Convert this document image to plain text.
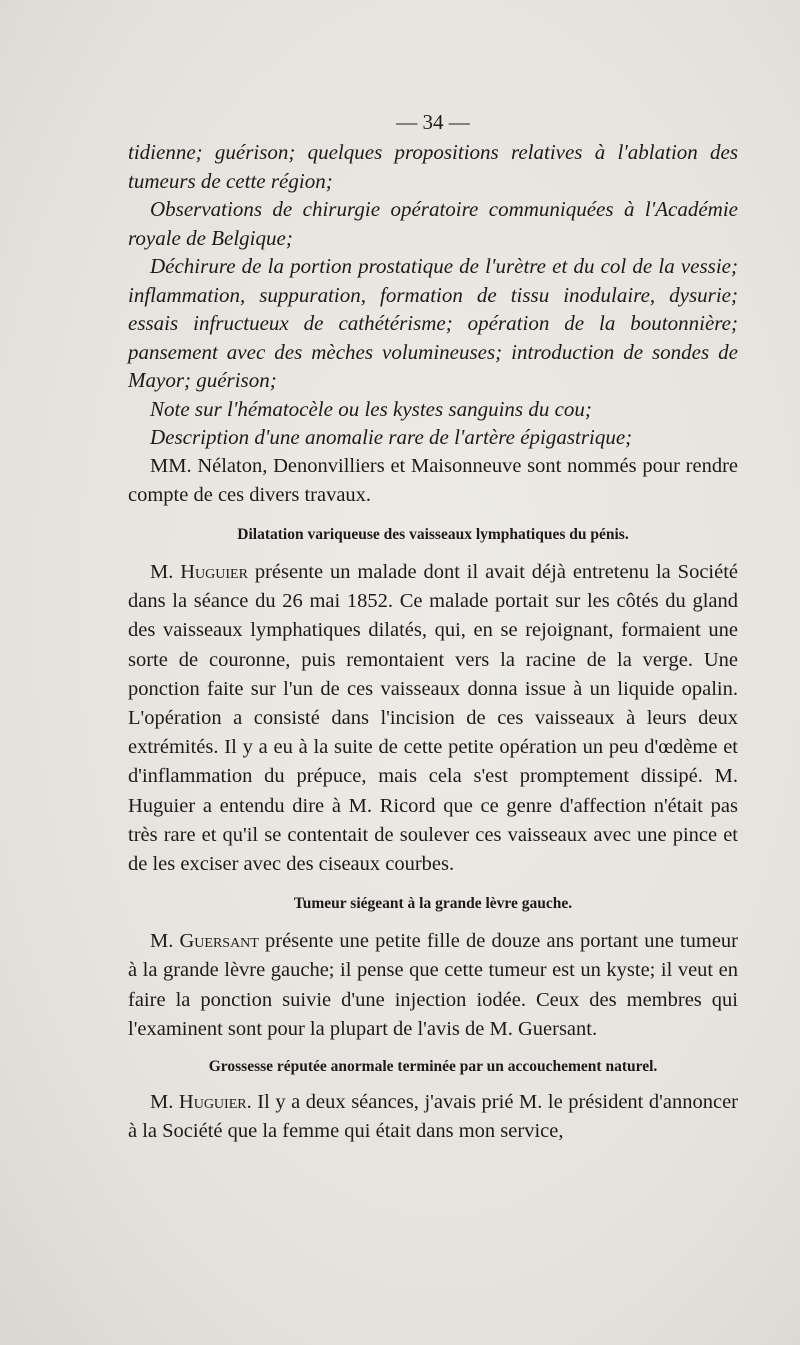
— 34 —

tidienne; guérison; quelques propositions relatives à l'ablation des tumeurs de cette région;

Observations de chirurgie opératoire communiquées à l'Académie royale de Belgique;

Déchirure de la portion prostatique de l'urètre et du col de la vessie; inflammation, suppuration, formation de tissu inodulaire, dysurie; essais infructueux de cathétérisme; opération de la boutonnière; pansement avec des mèches volumineuses; introduction de sondes de Mayor; guérison;

Note sur l'hématocèle ou les kystes sanguins du cou;

Description d'une anomalie rare de l'artère épigastrique;

MM. Nélaton, Denonvilliers et Maisonneuve sont nommés pour rendre compte de ces divers travaux.

Dilatation variqueuse des vaisseaux lymphatiques du pénis.

M. Huguier présente un malade dont il avait déjà entretenu la Société dans la séance du 26 mai 1852. Ce malade portait sur les côtés du gland des vaisseaux lymphatiques dilatés, qui, en se rejoignant, formaient une sorte de couronne, puis remontaient vers la racine de la verge. Une ponction faite sur l'un de ces vaisseaux donna issue à un liquide opalin. L'opération a consisté dans l'incision de ces vaisseaux à leurs deux extrémités. Il y a eu à la suite de cette petite opération un peu d'œdème et d'inflammation du prépuce, mais cela s'est promptement dissipé. M. Huguier a entendu dire à M. Ricord que ce genre d'affection n'était pas très rare et qu'il se contentait de soulever ces vaisseaux avec une pince et de les exciser avec des ciseaux courbes.

Tumeur siégeant à la grande lèvre gauche.

M. Guersant présente une petite fille de douze ans portant une tumeur à la grande lèvre gauche; il pense que cette tumeur est un kyste; il veut en faire la ponction suivie d'une injection iodée. Ceux des membres qui l'examinent sont pour la plupart de l'avis de M. Guersant.

Grossesse réputée anormale terminée par un accouchement naturel.

M. Huguier. Il y a deux séances, j'avais prié M. le président d'annoncer à la Société que la femme qui était dans mon service,
